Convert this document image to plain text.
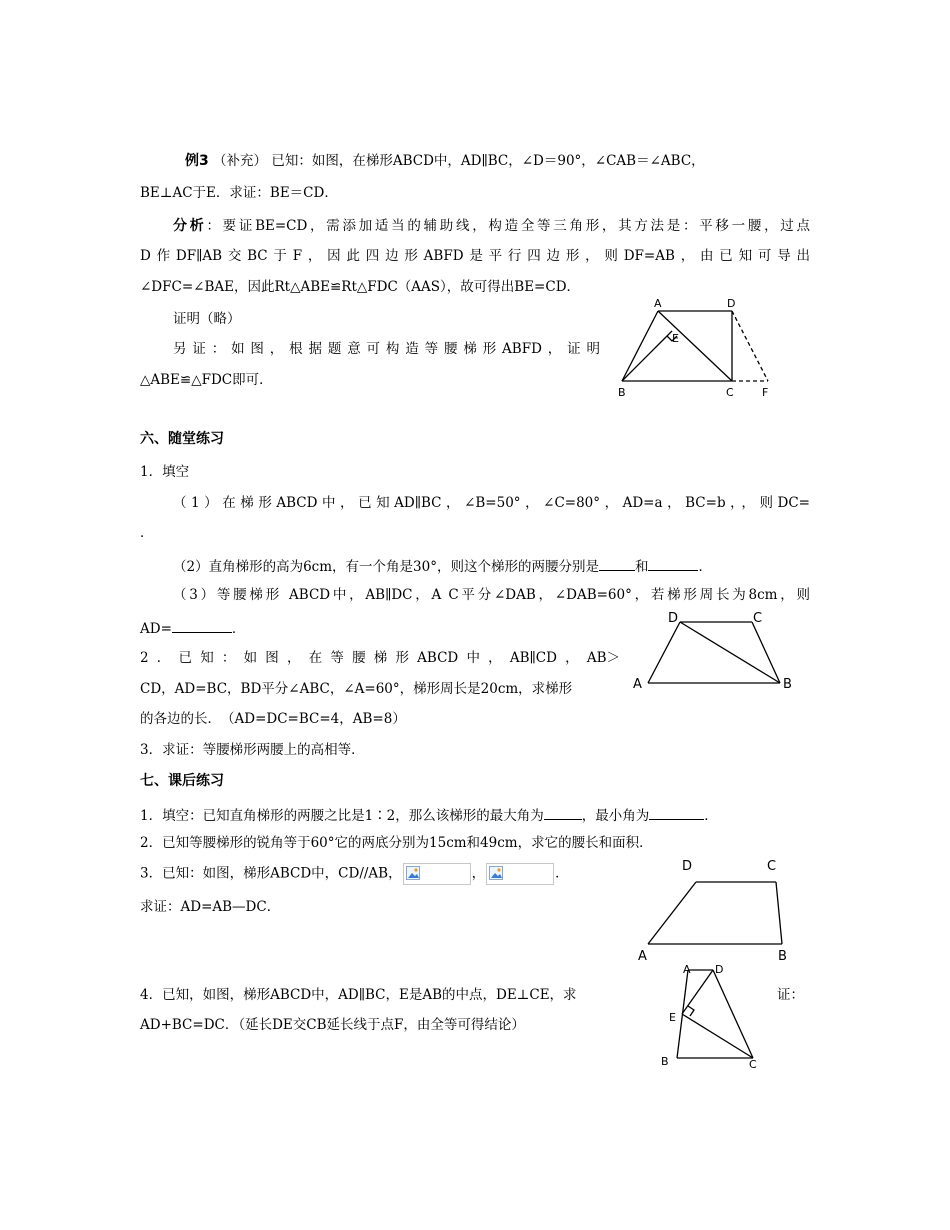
例3 （补充） 已知：如图，在梯形ABCD中，AD∥BC，∠D＝90°，∠CAB＝∠ABC，
BE⊥AC于E．求证：BE＝CD．
分析：要证BE=CD，需添加适当的辅助线，构造全等三角形，其方法是：平移一腰，过点
D作DF∥AB交BC于F，因此四边形ABFD是平行四边形，则DF=AB，由已知可导出
∠DFC=∠BAE，因此Rt△ABE≌Rt△FDC（AAS），故可得出BE=CD．
证明（略）
另证：如图，根据题意可构造等腰梯形ABFD，证明
△ABE≌△FDC即可．
A	D
E
B	C	F
六、随堂练习
1．填空
（1）在梯形ABCD中，已知AD∥BC，∠B=50°，∠C=80°，AD=a，BC=b，，则DC=
．
（2）直角梯形的高为6cm，有一个角是30°，则这个梯形的两腰分别是	和	．
（3）等腰梯形 ABCD中，AB∥DC，A C平分∠DAB，∠DAB=60°，若梯形周长为8cm，则
AD=	．
2．已知：如图，在等腰梯形ABCD中，AB∥CD，AB＞
CD，AD=BC，BD平分∠ABC，∠A=60°，梯形周长是20cm，求梯形
的各边的长．　（AD=DC=BC=4，AB=8）
3．求证：等腰梯形两腰上的高相等．
D	C
A	B
七、课后练习
1．填空：已知直角梯形的两腰之比是1∶2，那么该梯形的最大角为	，最小角为	．
2．已知等腰梯形的锐角等于60°它的两底分别为15cm和49cm，求它的腰长和面积．
3．已知：如图，梯形ABCD中，CD//AB，	，	．
求证：AD=AB—DC．
D	C
A	B
4．已知，如图，梯形ABCD中，AD∥BC，E是AB的中点，DE⊥CE，求	证：
AD+BC=DC．（延长DE交CB延长线于点F，由全等可得结论）
A D
E
B	C
